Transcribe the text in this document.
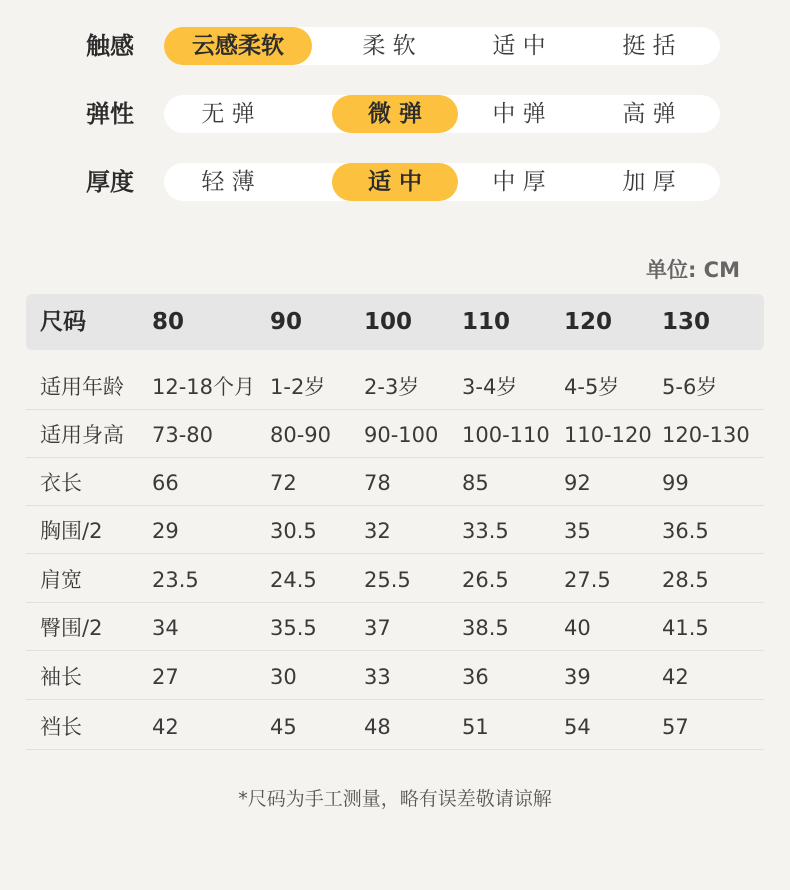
触感	云感柔软	柔 软	适 中	挺 括
弹性	无 弹	微 弹	中 弹	高 弹
厚度	轻 薄	适 中	中 厚	加 厚
单位: CM
尺码	80	90	100 110 120 130
适用年龄 12-18个月 1-2岁 2-3岁 3-4岁 4-5岁 5-6岁
适用身高 73-80	80-90 90-100 100-110 110-120 120-130
衣长	66	72	78	85	92	99
胸围/2 29	30.5 32	33.5	35	36.5
肩宽	23.5	24.5 25.5 26.5	27.5 28.5
臀围/2 34	35.5 37	38.5	40	41.5
袖长	27	30	33	36	39	42
裆长	42	45	48	51	54	57
*尺码为手工测量，略有误差敬请谅解
